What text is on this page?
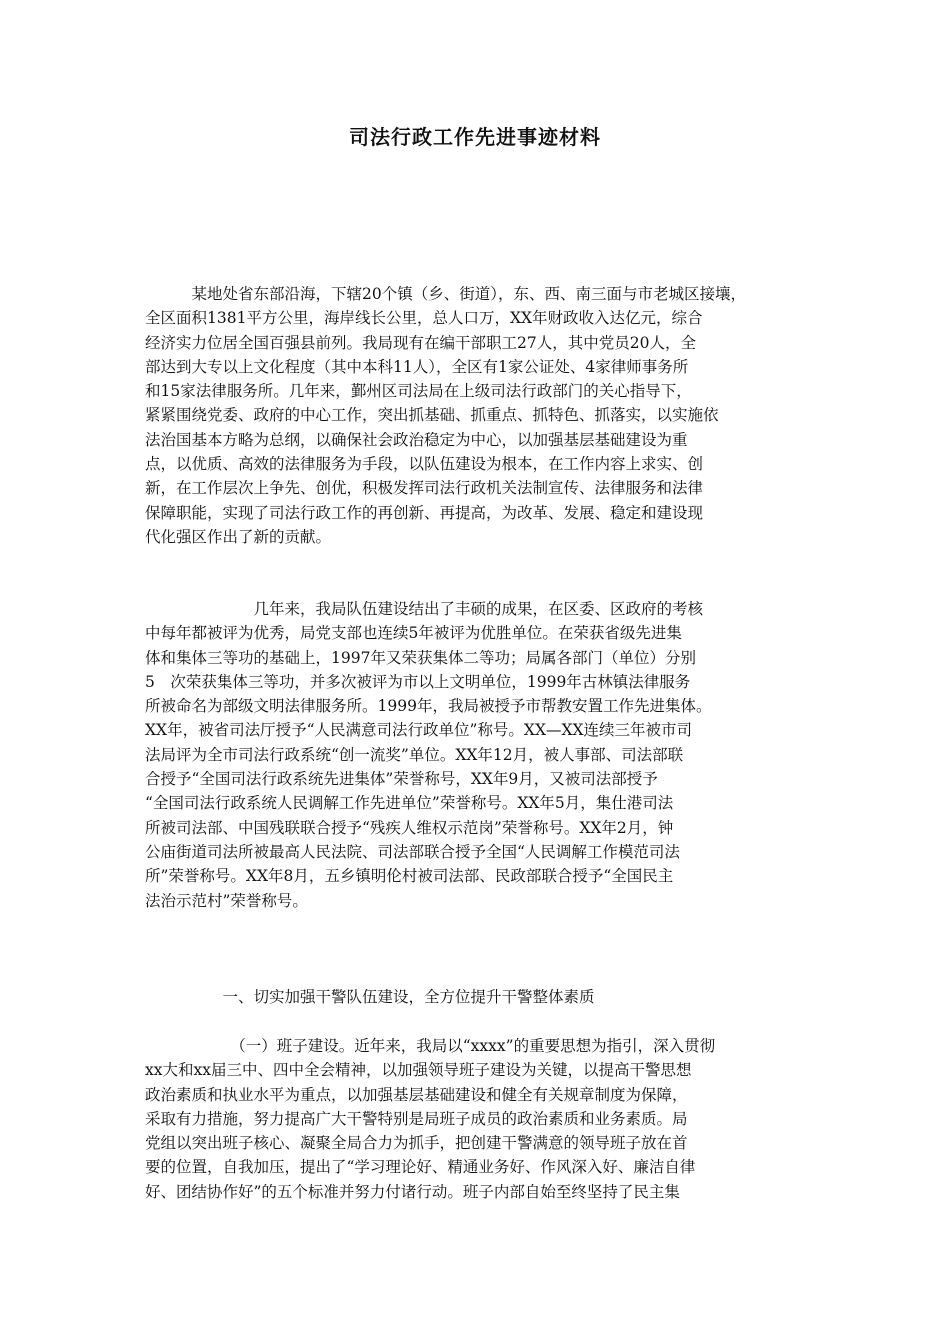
司法行政工作先进事迹材料
　　　某地处省东部沿海，下辖20个镇（乡、街道），东、西、南三面与市老城区接壤，
全区面积1381平方公里，海岸线长公里，总人口万，XX年财政收入达亿元，综合
经济实力位居全国百强县前列。我局现有在编干部职工27人，其中党员20人，全
部达到大专以上文化程度（其中本科11人），全区有1家公证处、4家律师事务所
和15家法律服务所。几年来，鄞州区司法局在上级司法行政部门的关心指导下，
紧紧围绕党委、政府的中心工作，突出抓基础、抓重点、抓特色、抓落实，以实施依
法治国基本方略为总纲，以确保社会政治稳定为中心，以加强基层基础建设为重
点，以优质、高效的法律服务为手段，以队伍建设为根本，在工作内容上求实、创
新，在工作层次上争先、创优，积极发挥司法行政机关法制宣传、法律服务和法律
保障职能，实现了司法行政工作的再创新、再提高，为改革、发展、稳定和建设现
代化强区作出了新的贡献。
　　　　　　　几年来，我局队伍建设结出了丰硕的成果，在区委、区政府的考核
中每年都被评为优秀，局党支部也连续5年被评为优胜单位。在荣获省级先进集
体和集体三等功的基础上，1997年又荣获集体二等功；局属各部门（单位）分别
5　次荣获集体三等功，并多次被评为市以上文明单位，1999年古林镇法律服务
所被命名为部级文明法律服务所。1999年，我局被授予市帮教安置工作先进集体。
XX年，被省司法厅授予“人民满意司法行政单位”称号。XX—XX连续三年被市司
法局评为全市司法行政系统“创一流奖”单位。XX年12月，被人事部、司法部联
合授予“全国司法行政系统先进集体”荣誉称号，XX年9月，又被司法部授予
“全国司法行政系统人民调解工作先进单位”荣誉称号。XX年5月，集仕港司法
所被司法部、中国残联联合授予“残疾人维权示范岗”荣誉称号。XX年2月，钟
公庙街道司法所被最高人民法院、司法部联合授予全国“人民调解工作模范司法
所”荣誉称号。XX年8月，五乡镇明伦村被司法部、民政部联合授予“全国民主
法治示范村”荣誉称号。
　　　　　一、切实加强干警队伍建设，全方位提升干警整体素质
　　　　　　（一）班子建设。近年来，我局以“xxxx”的重要思想为指引，深入贯彻
xx大和xx届三中、四中全会精神，以加强领导班子建设为关键，以提高干警思想
政治素质和执业水平为重点，以加强基层基础建设和健全有关规章制度为保障，
采取有力措施，努力提高广大干警特别是局班子成员的政治素质和业务素质。局
党组以突出班子核心、凝聚全局合力为抓手，把创建干警满意的领导班子放在首
要的位置，自我加压，提出了“学习理论好、精通业务好、作风深入好、廉洁自律
好、团结协作好”的五个标准并努力付诸行动。班子内部自始至终坚持了民主集
